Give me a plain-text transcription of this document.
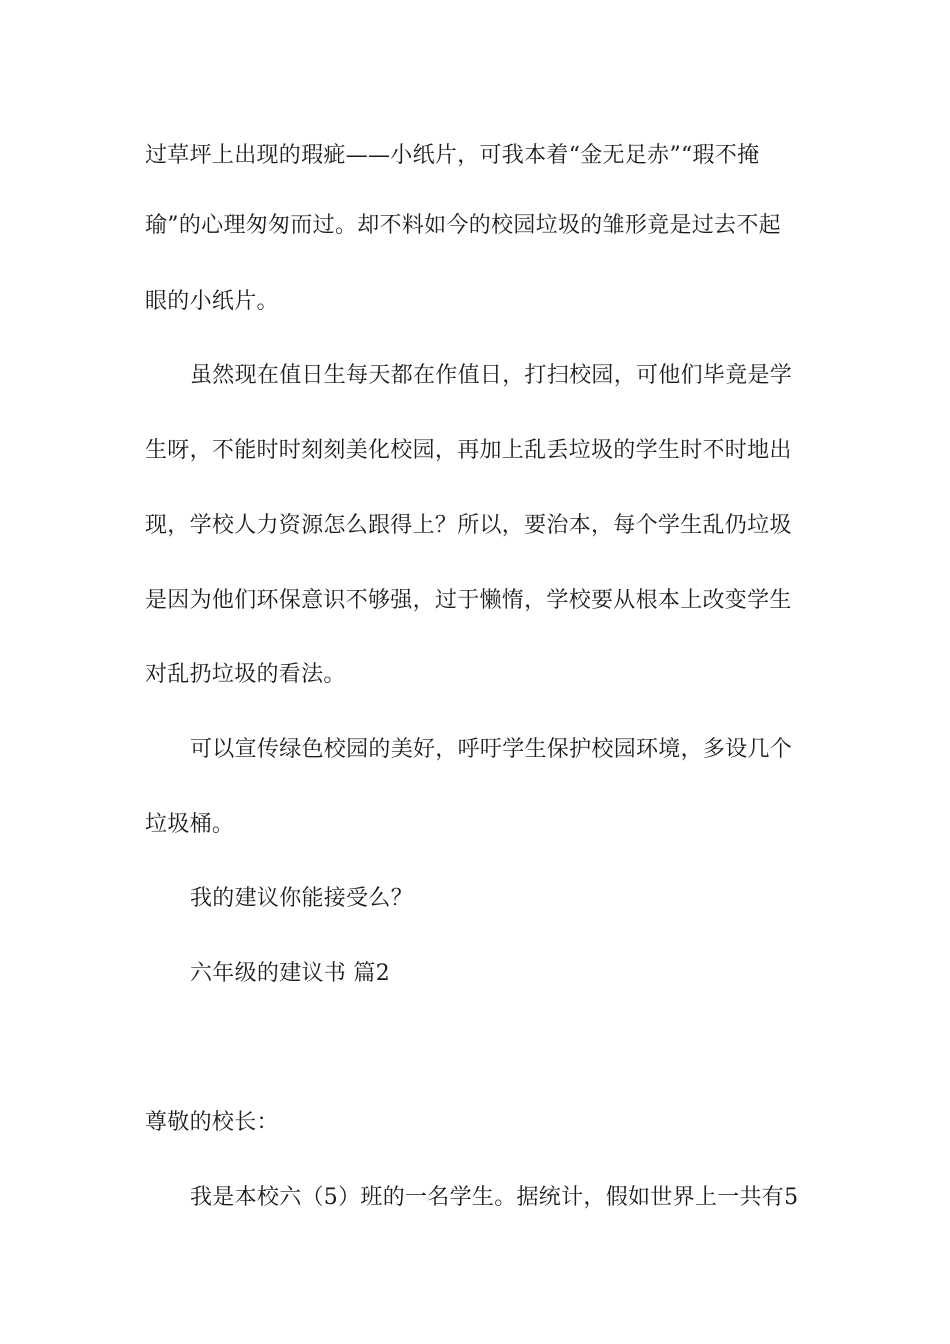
过草坪上出现的瑕疵——小纸片，可我本着“金无足赤”“瑕不掩
瑜”的心理匆匆而过。却不料如今的校园垃圾的雏形竟是过去不起
眼的小纸片。
虽然现在值日生每天都在作值日，打扫校园，可他们毕竟是学
生呀，不能时时刻刻美化校园，再加上乱丢垃圾的学生时不时地出
现，学校人力资源怎么跟得上？所以，要治本，每个学生乱仍垃圾
是因为他们环保意识不够强，过于懒惰，学校要从根本上改变学生
对乱扔垃圾的看法。
可以宣传绿色校园的美好，呼吁学生保护校园环境，多设几个
垃圾桶。
我的建议你能接受么？
六年级的建议书 篇2
尊敬的校长：
我是本校六（5）班的一名学生。据统计，假如世界上一共有5
